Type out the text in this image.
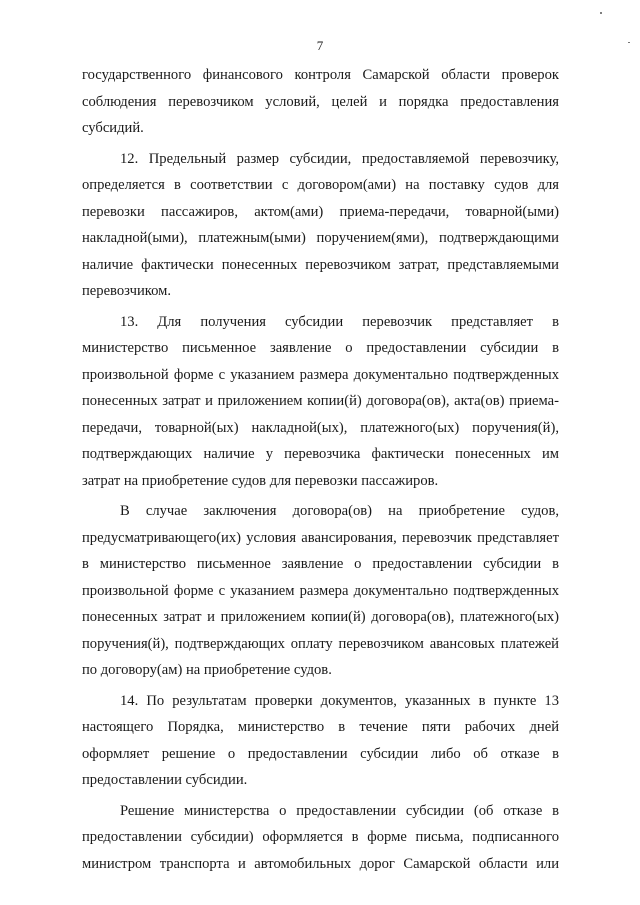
7

государственного финансового контроля Самарской области проверок
соблюдения перевозчиком условий, целей и порядка предоставления
субсидий.

12. Предельный размер субсидии, предоставляемой перевозчику,
определяется в соответствии с договором(ами) на поставку судов для
перевозки пассажиров, актом(ами) приема-передачи, товарной(ыми)
накладной(ыми), платежным(ыми) поручением(ями), подтверждающими
наличие фактически понесенных перевозчиком затрат, представляемыми
перевозчиком.

13. Для получения субсидии перевозчик представляет в
министерство письменное заявление о предоставлении субсидии в
произвольной форме с указанием размера документально подтвержденных
понесенных затрат и приложением копии(й) договора(ов), акта(ов) приема-
передачи, товарной(ых) накладной(ых), платежного(ых) поручения(й),
подтверждающих наличие у перевозчика фактически понесенных им
затрат на приобретение судов для перевозки пассажиров.

В случае заключения договора(ов) на приобретение судов,
предусматривающего(их) условия авансирования, перевозчик представляет
в министерство письменное заявление о предоставлении субсидии в
произвольной форме с указанием размера документально подтвержденных
понесенных затрат и приложением копии(й) договора(ов), платежного(ых)
поручения(й), подтверждающих оплату перевозчиком авансовых платежей
по договору(ам) на приобретение судов.

14. По результатам проверки документов, указанных в пункте 13
настоящего Порядка, министерство в течение пяти рабочих дней
оформляет решение о предоставлении субсидии либо об отказе в
предоставлении субсидии.

Решение министерства о предоставлении субсидии (об отказе в
предоставлении субсидии) оформляется в форме письма, подписанного
министром транспорта и автомобильных дорог Самарской области или
